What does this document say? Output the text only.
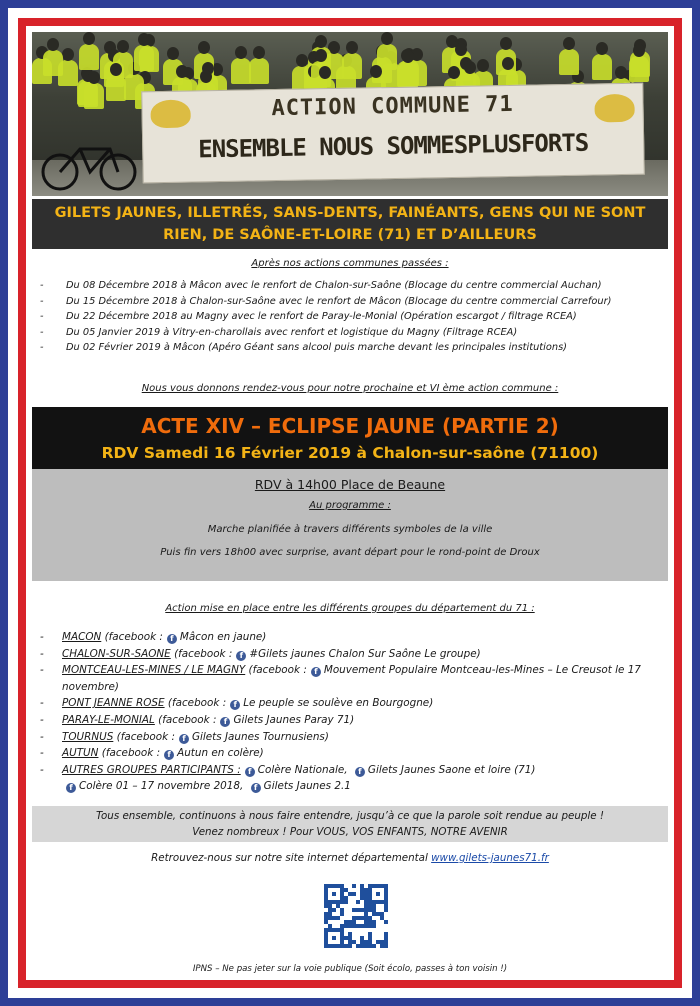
ACTION COMMUNE 71
ENSEMBLE NOUS SOMMESPLUSFORTS
GILETS JAUNES, ILLETRÉS, SANS-DENTS, FAINÉANTS, GENS QUI NE SONT RIEN, DE SAÔNE-ET-LOIRE (71) ET D’AILLEURS
Après nos actions communes passées :
- Du 08 Décembre 2018 à Mâcon avec le renfort de Chalon-sur-Saône (Blocage du centre commercial Auchan)
- Du 15 Décembre 2018 à Chalon-sur-Saône avec le renfort de Mâcon (Blocage du centre commercial Carrefour)
- Du 22 Décembre 2018 au Magny avec le renfort de Paray-le-Monial (Opération escargot / filtrage RCEA)
- Du 05 Janvier 2019 à Vitry-en-charollais avec renfort et logistique du Magny (Filtrage RCEA)
- Du 02 Février 2019 à Mâcon (Apéro Géant sans alcool puis marche devant les principales institutions)
Nous vous donnons rendez-vous pour notre prochaine et VI ème action commune :
ACTE XIV – ECLIPSE JAUNE (PARTIE 2)
RDV Samedi 16 Février 2019 à Chalon-sur-saône (71100)
RDV à 14h00 Place de Beaune
Au programme :
Marche planifiée à travers différents symboles de la ville
Puis fin vers 18h00 avec surprise, avant départ pour le rond-point de Droux
Action mise en place entre les différents groupes du département du 71 :
- MACON (facebook : f Mâcon en jaune)
- CHALON-SUR-SAONE (facebook : f #Gilets jaunes Chalon Sur Saône Le groupe)
- MONTCEAU-LES-MINES / LE MAGNY (facebook : f Mouvement Populaire Montceau-les-Mines – Le Creusot le 17 novembre)
- PONT JEANNE ROSE (facebook : f Le peuple se soulève en Bourgogne)
- PARAY-LE-MONIAL (facebook : f Gilets Jaunes Paray 71)
- TOURNUS (facebook : f Gilets Jaunes Tournusiens)
- AUTUN (facebook : f Autun en colère)
- AUTRES GROUPES PARTICIPANTS : f Colère Nationale, f Gilets Jaunes Saone et loire (71)
f Colère 01 – 17 novembre 2018, f Gilets Jaunes 2.1
Tous ensemble, continuons à nous faire entendre, jusqu’à ce que la parole soit rendue au peuple !
Venez nombreux ! Pour VOUS, VOS ENFANTS, NOTRE AVENIR
Retrouvez-nous sur notre site internet départemental www.gilets-jaunes71.fr
IPNS – Ne pas jeter sur la voie publique (Soit écolo, passes à ton voisin !)
